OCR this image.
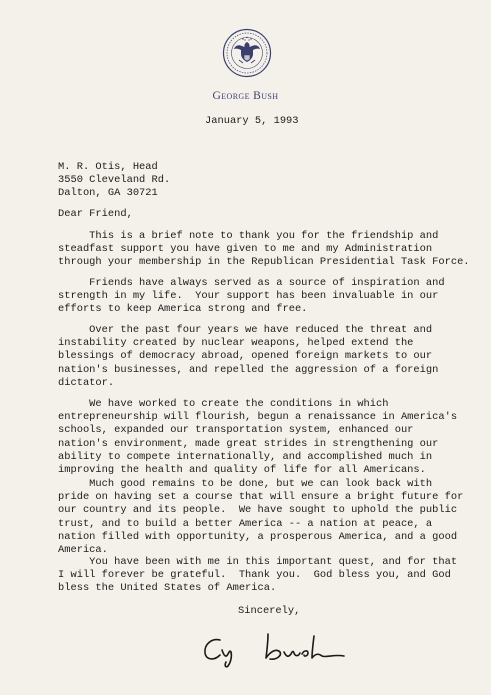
George Bush
January 5, 1993
M. R. Otis, Head
3550 Cleveland Rd.
Dalton, GA 30721
Dear Friend,
This is a brief note to thank you for the friendship and
steadfast support you have given to me and my Administration
through your membership in the Republican Presidential Task Force.
Friends have always served as a source of inspiration and
strength in my life.  Your support has been invaluable in our
efforts to keep America strong and free.
Over the past four years we have reduced the threat and
instability created by nuclear weapons, helped extend the
blessings of democracy abroad, opened foreign markets to our
nation's businesses, and repelled the aggression of a foreign
dictator.
We have worked to create the conditions in which
entrepreneurship will flourish, begun a renaissance in America's
schools, expanded our transportation system, enhanced our
nation's environment, made great strides in strengthening our
ability to compete internationally, and accomplished much in
improving the health and quality of life for all Americans.
Much good remains to be done, but we can look back with
pride on having set a course that will ensure a bright future for
our country and its people.  We have sought to uphold the public
trust, and to build a better America -- a nation at peace, a
nation filled with opportunity, a prosperous America, and a good
America.
You have been with me in this important quest, and for that
I will forever be grateful.  Thank you.  God bless you, and God
bless the United States of America.
Sincerely,
